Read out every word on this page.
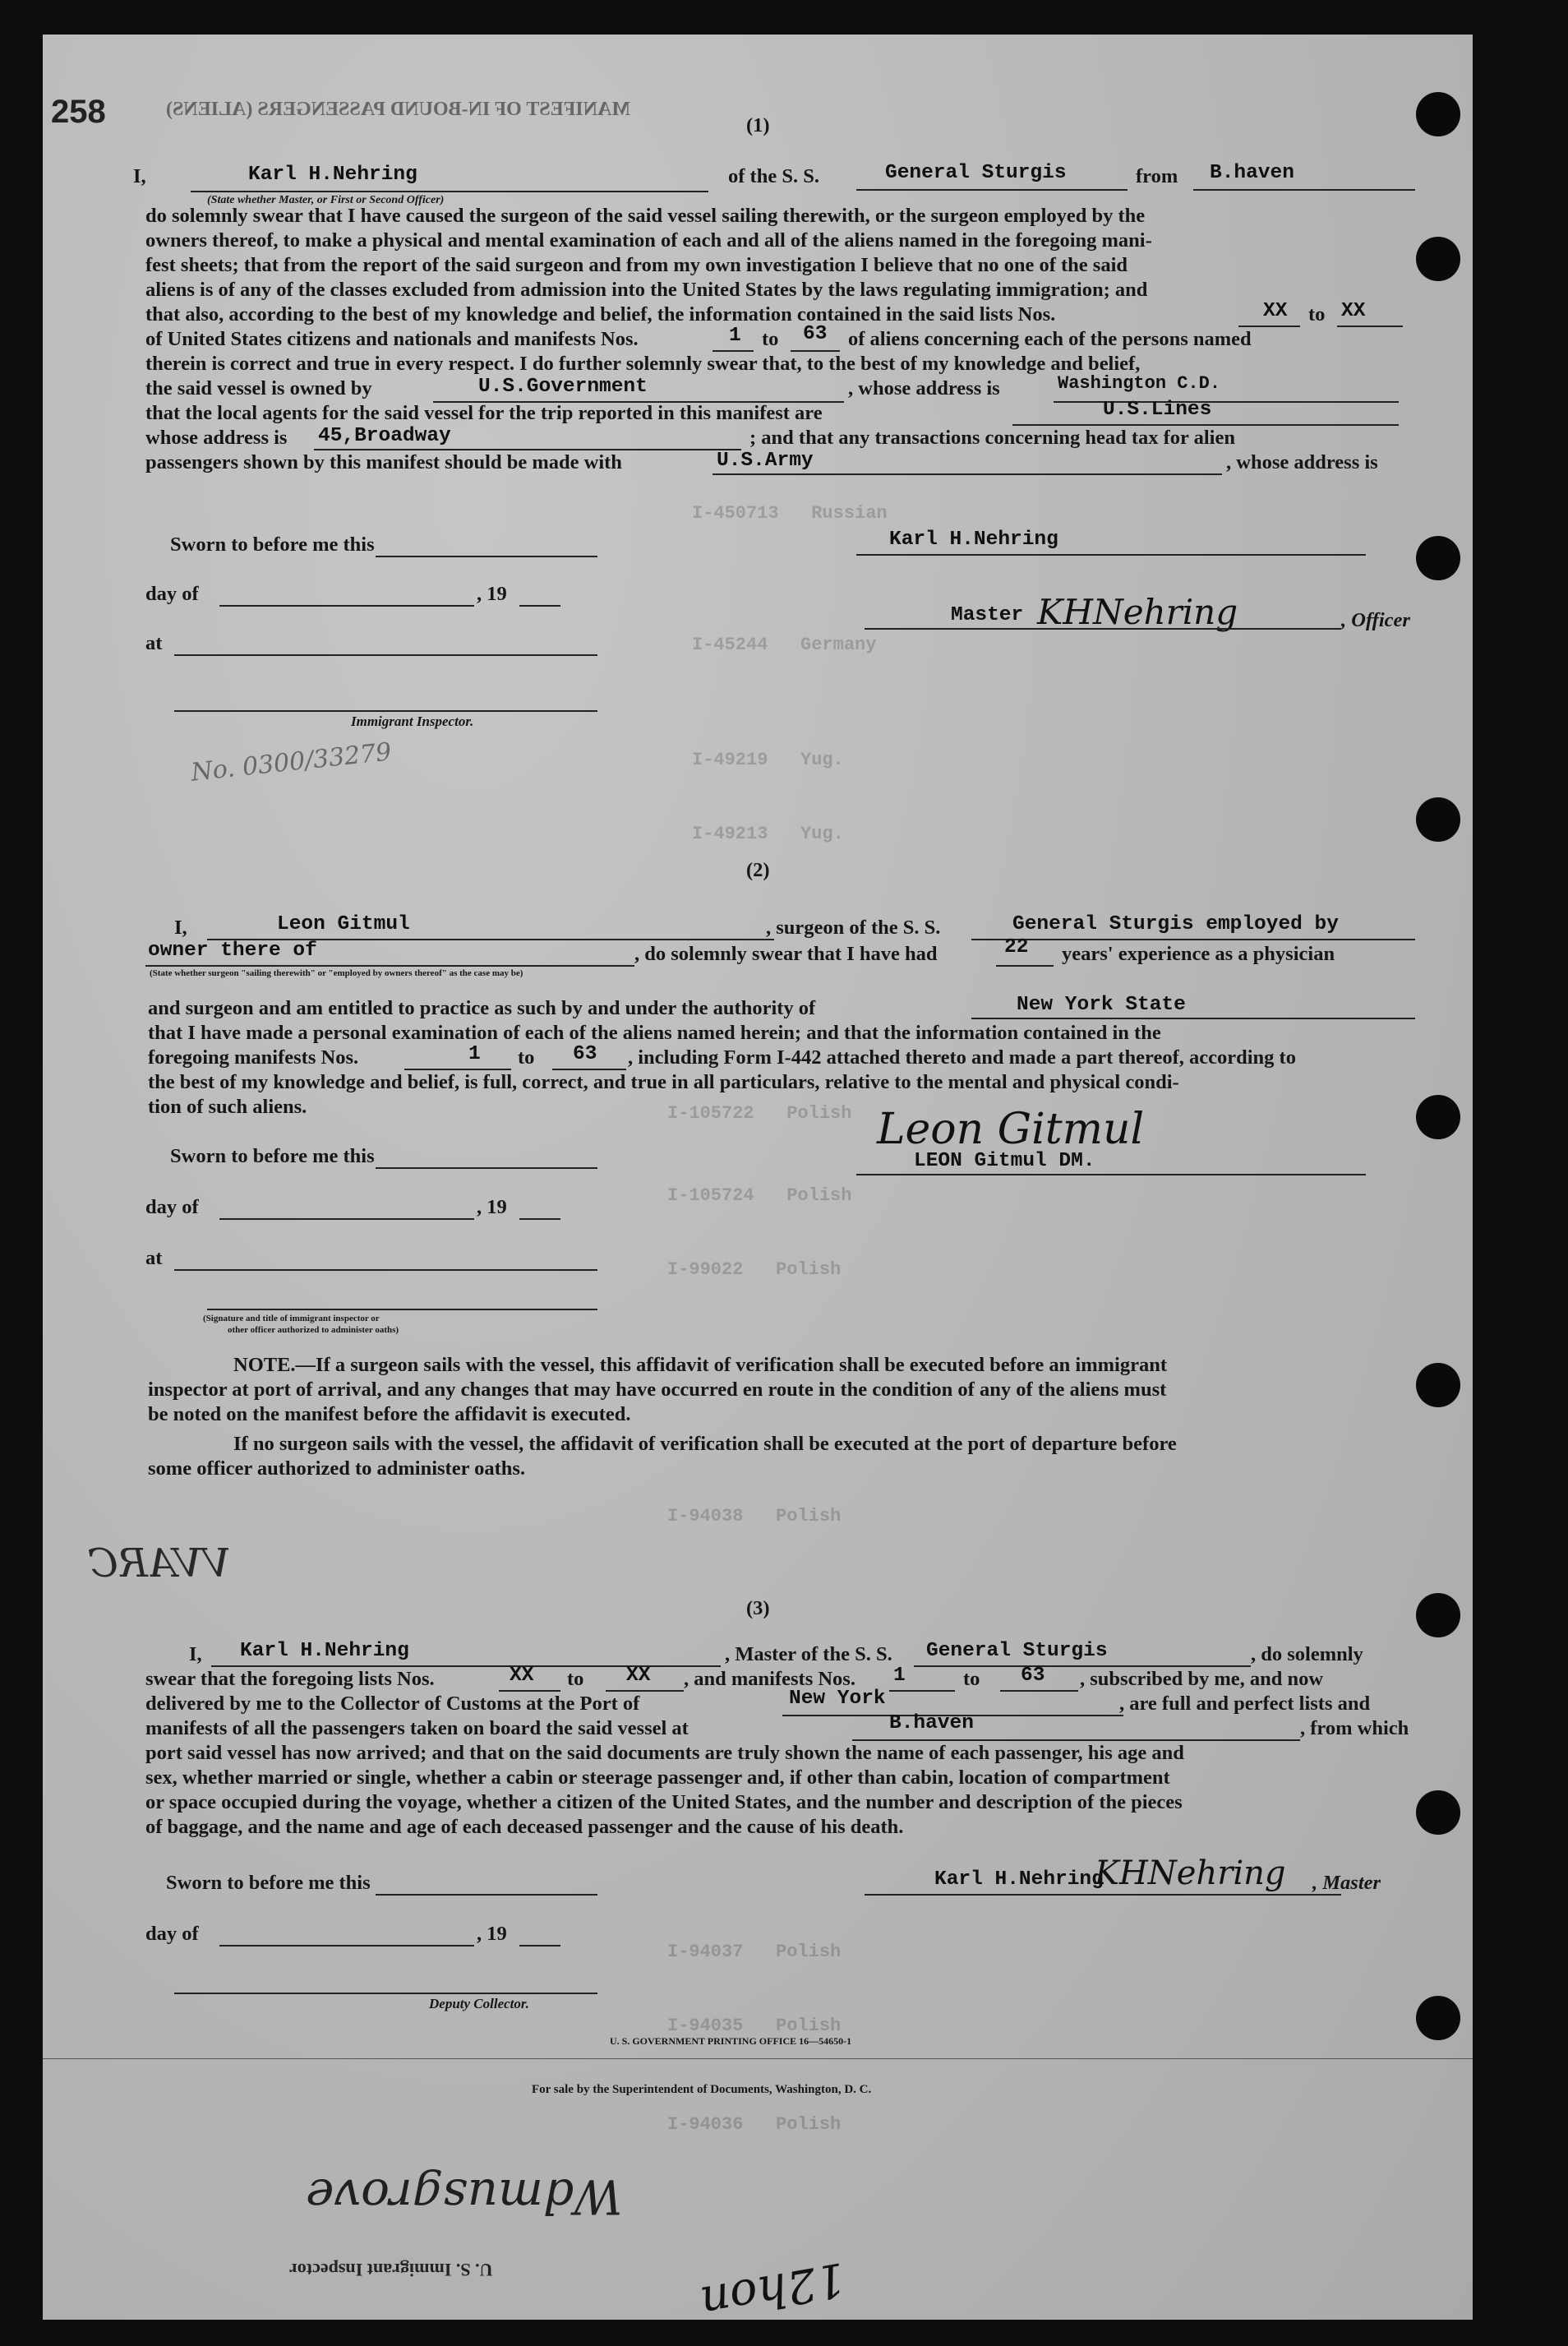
I-450713   Russian
I-45244   Germany
I-49219   Yug.
I-49213   Yug.
I-105722   Polish
I-105724   Polish
I-99022   Polish
I-94038   Polish
I-94037   Polish
I-94035   Polish
I-94036   Polish
258	MANIFEST OF IN-BOUND PASSENGERS (ALIENS)
(1)
I,	Karl H.Nehring
(State whether Master, or First or Second Officer)
of the S. S.	General Sturgis	from B.haven
do solemnly swear that I have caused the surgeon of the said vessel sailing therewith, or the surgeon employed by the
owners thereof, to make a physical and mental examination of each and all of the aliens named in the foregoing mani-
fest sheets; that from the report of the said surgeon and from my own investigation I believe that no one of the said
aliens is of any of the classes excluded from admission into the United States by the laws regulating immigration; and
that also, according to the best of my knowledge and belief, the information contained in the said lists Nos.	XX to XX
of United States citizens and nationals and manifests Nos.	1 to 63 of aliens concerning each of the persons named
therein is correct and true in every respect. I do further solemnly swear that, to the best of my knowledge and belief,
the said vessel is owned by	U.S.Government	, whose address is	Washington C.D.
that the local agents for the said vessel for the trip reported in this manifest are	U.S.Lines
whose address is 45,Broadway	; and that any transactions concerning head tax for alien
passengers shown by this manifest should be made with	U.S.Army	, whose address is
Sworn to before me this
day of	, 19
at
Immigrant Inspector.
Karl H.Nehring
Master KHNehring	, Officer
No. 0300/33279
(2)
I,	Leon Gitmul	, surgeon of the S. S.	General Sturgis employed by
owner there of	, do solemnly swear that I have had	22 years' experience as a physician
(State whether surgeon "sailing therewith" or "employed by owners thereof" as the case may be)
and surgeon and am entitled to practice as such by and under the authority of	New York State
that I have made a personal examination of each of the aliens named herein; and that the information contained in the
foregoing manifests Nos.	1 to 63 , including Form I-442 attached thereto and made a part thereof, according to
the best of my knowledge and belief, is full, correct, and true in all particulars, relative to the mental and physical condi-
tion of such aliens.
Sworn to before me this
day of	, 19
at
(Signature and title of immigrant inspector or
other officer authorized to administer oaths)
Leon Gitmul
LEON Gitmul DM.
NOTE.—If a surgeon sails with the vessel, this affidavit of verification shall be executed before an immigrant
inspector at port of arrival, and any changes that may have occurred en route in the condition of any of the aliens must
be noted on the manifest before the affidavit is executed.
If no surgeon sails with the vessel, the affidavit of verification shall be executed at the port of departure before
some officer authorized to administer oaths.
VVARC
(3)
I, Karl H.Nehring	, Master of the S. S. General Sturgis	, do solemnly
swear that the foregoing lists Nos.	XX to XX , and manifests Nos. 1	to 63 , subscribed by me, and now
delivered by me to the Collector of Customs at the Port of	New York	, are full and perfect lists and
manifests of all the passengers taken on board the said vessel at	B.haven	, from which
port said vessel has now arrived; and that on the said documents are truly shown the name of each passenger, his age and
sex, whether married or single, whether a cabin or steerage passenger and, if other than cabin, location of compartment
or space occupied during the voyage, whether a citizen of the United States, and the number and description of the pieces
of baggage, and the name and age of each deceased passenger and the cause of his death.
Sworn to before me this
day of	, 19
Deputy Collector.
Karl H.Nehring
KHNehring , Master
U. S. GOVERNMENT PRINTING OFFICE 16—54650-1
For sale by the Superintendent of Documents, Washington, D. C.
Wdmusgrove
U. S. Immigrant Inspector	12hon
